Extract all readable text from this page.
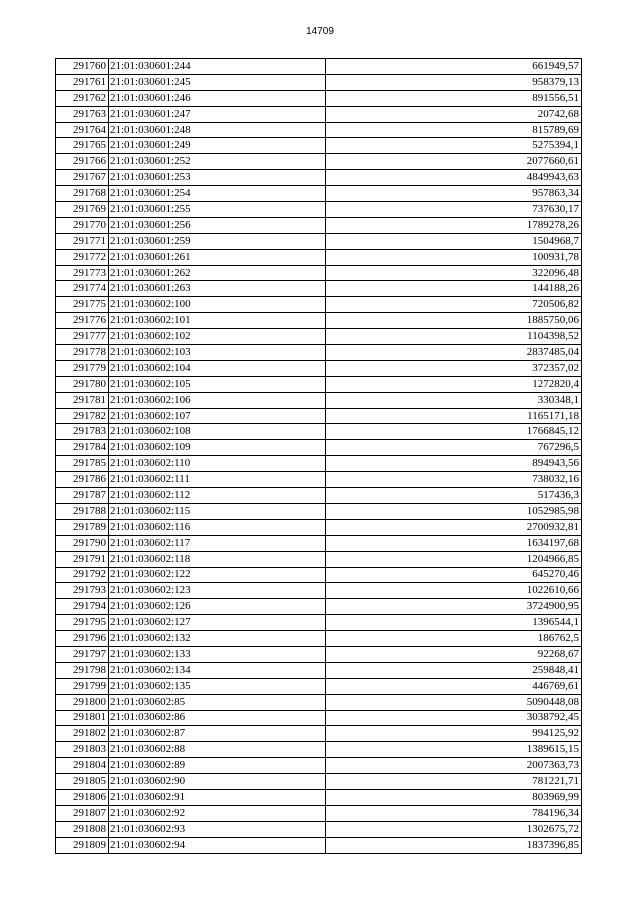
14709
291760	21:01:030601:244	661949,57
291761	21:01:030601:245	958379,13
291762	21:01:030601:246	891556,51
291763	21:01:030601:247	20742,68
291764	21:01:030601:248	815789,69
291765	21:01:030601:249	5275394,1
291766	21:01:030601:252	2077660,61
291767	21:01:030601:253	4849943,63
291768	21:01:030601:254	957863,34
291769	21:01:030601:255	737630,17
291770	21:01:030601:256	1789278,26
291771	21:01:030601:259	1504968,7
291772	21:01:030601:261	100931,78
291773	21:01:030601:262	322096,48
291774	21:01:030601:263	144188,26
291775	21:01:030602:100	720506,82
291776	21:01:030602:101	1885750,06
291777	21:01:030602:102	1104398,52
291778	21:01:030602:103	2837485,04
291779	21:01:030602:104	372357,02
291780	21:01:030602:105	1272820,4
291781	21:01:030602:106	330348,1
291782	21:01:030602:107	1165171,18
291783	21:01:030602:108	1766845,12
291784	21:01:030602:109	767296,5
291785	21:01:030602:110	894943,56
291786	21:01:030602:111	738032,16
291787	21:01:030602:112	517436,3
291788	21:01:030602:115	1052985,98
291789	21:01:030602:116	2700932,81
291790	21:01:030602:117	1634197,68
291791	21:01:030602:118	1204966,85
291792	21:01:030602:122	645270,46
291793	21:01:030602:123	1022610,66
291794	21:01:030602:126	3724900,95
291795	21:01:030602:127	1396544,1
291796	21:01:030602:132	186762,5
291797	21:01:030602:133	92268,67
291798	21:01:030602:134	259848,41
291799	21:01:030602:135	446769,61
291800	21:01:030602:85	5090448,08
291801	21:01:030602:86	3038792,45
291802	21:01:030602:87	994125,92
291803	21:01:030602:88	1389615,15
291804	21:01:030602:89	2007363,73
291805	21:01:030602:90	781221,71
291806	21:01:030602:91	803969,99
291807	21:01:030602:92	784196,34
291808	21:01:030602:93	1302675,72
291809	21:01:030602:94	1837396,85
